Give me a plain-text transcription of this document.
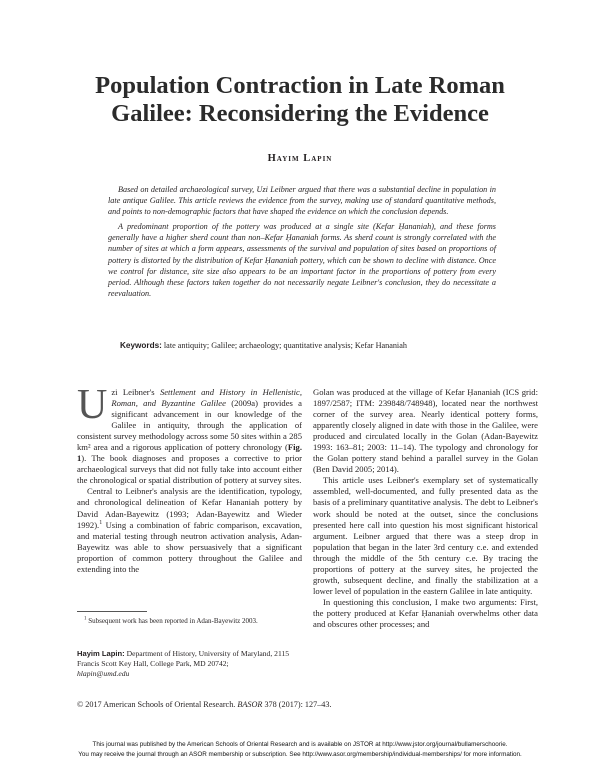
Population Contraction in Late Roman
Galilee: Reconsidering the Evidence
Hayim Lapin

Based on detailed archaeological survey, Uzi Leibner argued that there was a substantial decline in population in late antique Galilee. This article reviews the evidence from the survey, making use of standard quantitative methods, and points to non-demographic factors that have shaped the evidence on which the conclusion depends.

A predominant proportion of the pottery was produced at a single site (Kefar Ḥananiah), and these forms generally have a higher sherd count than non–Kefar Ḥananiah forms. As sherd count is strongly correlated with the number of sites at which a form appears, assessments of the survival and population of sites based on proportions of pottery is distorted by the distribution of Kefar Ḥananiah pottery, which can be shown to decline with distance. Once we control for distance, site size also appears to be an important factor in the proportions of pottery from every period. Although these factors taken together do not necessarily negate Leibner's conclusion, they do necessitate a reevaluation.

Keywords: late antiquity; Galilee; archaeology; quantitative analysis; Kefar Hananiah

Uzi Leibner's Settlement and History in Hellenistic, Roman, and Byzantine Galilee (2009a) provides a significant advancement in our knowledge of the Galilee in antiquity, through the application of consistent survey methodology across some 50 sites within a 285 km² area and a rigorous application of pottery chronology (Fig. 1). The book diagnoses and proposes a corrective to prior archaeological surveys that did not fully take into account either the chronological or spatial distribution of pottery at survey sites.

Central to Leibner's analysis are the identification, typology, and chronological delineation of Kefar Hananiah pottery by David Adan-Bayewitz (1993; Adan-Bayewitz and Wieder 1992).$^1$ Using a combination of fabric comparison, excavation, and material testing through neutron activation analysis, Adan-Bayewitz was able to show persuasively that a significant proportion of common pottery throughout the Galilee and extending into the

Golan was produced at the village of Kefar Ḥananiah (ICS grid: 1897/2587; ITM: 239848/748948), located near the northwest corner of the survey area. Nearly identical pottery forms, apparently closely aligned in date with those in the Galilee, were produced and circulated locally in the Golan (Adan-Bayewitz 1993: 163–81; 2003: 11–14). The typology and chronology for the Golan pottery stand behind a parallel survey in the Golan (Ben David 2005; 2014).

This article uses Leibner's exemplary set of systematically assembled, well-documented, and fully presented data as the basis of a preliminary quantitative analysis. The debt to Leibner's work should be noted at the outset, since the conclusions presented here call into question his most significant historical argument. Leibner argued that there was a steep drop in population that began in the later 3rd century c.e. and extended through the middle of the 5th century c.e. By tracing the proportions of pottery at the survey sites, he projected the growth, subsequent decline, and finally the stabilization at a lower level of population in the eastern Galilee in late antiquity.

In questioning this conclusion, I make two arguments: First, the pottery produced at Kefar Ḥananiah overwhelms other data and obscures other processes; and

$^1$ Subsequent work has been reported in Adan-Bayewitz 2003.
Hayim Lapin: Department of History, University of Maryland, 2115 Francis Scott Key Hall, College Park, MD 20742;
hlapin@umd.edu
© 2017 American Schools of Oriental Research. BASOR 378 (2017): 127–43.
This journal was published by the American Schools of Oriental Research and is available on JSTOR at http://www.jstor.org/journal/bullamerschoorie.
You may receive the journal through an ASOR membership or subscription. See http://www.asor.org/membership/individual-memberships/ for more information.
